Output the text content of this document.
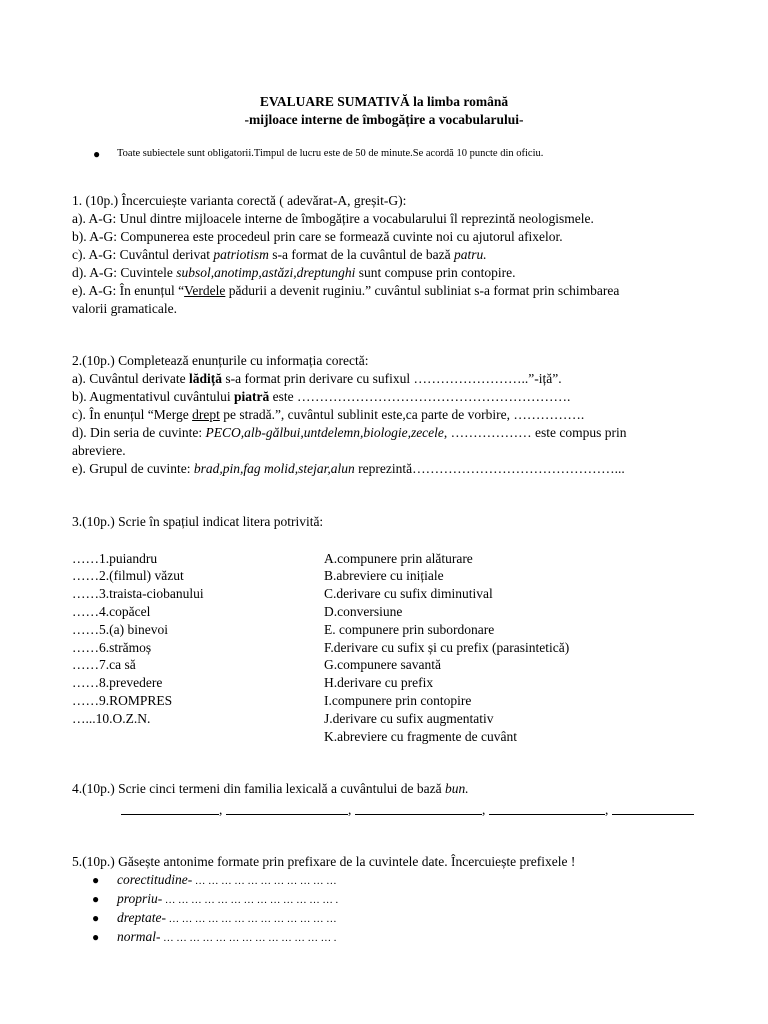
EVALUARE SUMATIVĂ la limba română
-mijloace interne de îmbogățire a vocabularului-
● Toate subiectele sunt obligatorii.Timpul de lucru este de 50 de minute.Se acordă 10 puncte din oficiu.
1. (10p.) Încercuiește varianta corectă ( adevărat-A, greșit-G):
a). A-G: Unul dintre mijloacele interne de îmbogățire a vocabularului îl reprezintă neologismele.
b). A-G: Compunerea este procedeul prin care se formează cuvinte noi cu ajutorul afixelor.
c). A-G: Cuvântul derivat patriotism s-a format de la cuvântul de bază patru.
d). A-G: Cuvintele subsol,anotimp,astăzi,dreptunghi sunt compuse prin contopire.
e). A-G: În enunțul “Verdele pădurii a devenit ruginiu.” cuvântul subliniat s-a format prin schimbarea
valorii gramaticale.
2.(10p.) Completează enunțurile cu informația corectă:
a). Cuvântul derivate lădiță s-a format prin derivare cu sufixul ……………………..”-iță”.
b). Augmentativul cuvântului piatră este …………………………………………………….
c). În enunțul “Merge drept pe stradă.”, cuvântul sublinit este,ca parte de vorbire, …………….
d). Din seria de cuvinte: PECO,alb-gălbui,untdelemn,biologie,zecele, ……………… este compus prin
abreviere.
e). Grupul de cuvinte: brad,pin,fag molid,stejar,alun reprezintă………………………………………...
3.(10p.) Scrie în spațiul indicat litera potrivită:
……1.puiandru
……2.(filmul) văzut
……3.traista-ciobanului
……4.copăcel
……5.(a) binevoi
……6.strămoș
……7.ca să
……8.prevedere
……9.ROMPRES
…...10.O.Z.N.
A.compunere prin alăturare
B.abreviere cu inițiale
C.derivare cu sufix diminutival
D.conversiune
E. compunere prin subordonare
F.derivare cu sufix și cu prefix (parasintetică)
G.compunere savantă
H.derivare cu prefix
I.compunere prin contopire
J.derivare cu sufix augmentativ
K.abreviere cu fragmente de cuvânt
4.(10p.) Scrie cinci termeni din familia lexicală a cuvântului de bază bun.
,	,	,	,
5.(10p.) Găsește antonime formate prin prefixare de la cuvintele date. Încercuiește prefixele !
● corectitudine- … … … … … … … … … … …
● propriu- … … … … … … … … … … … … … .
● dreptate- … … … … … … … … … … … … …
● normal- … … … … … … … … … … … … … .
